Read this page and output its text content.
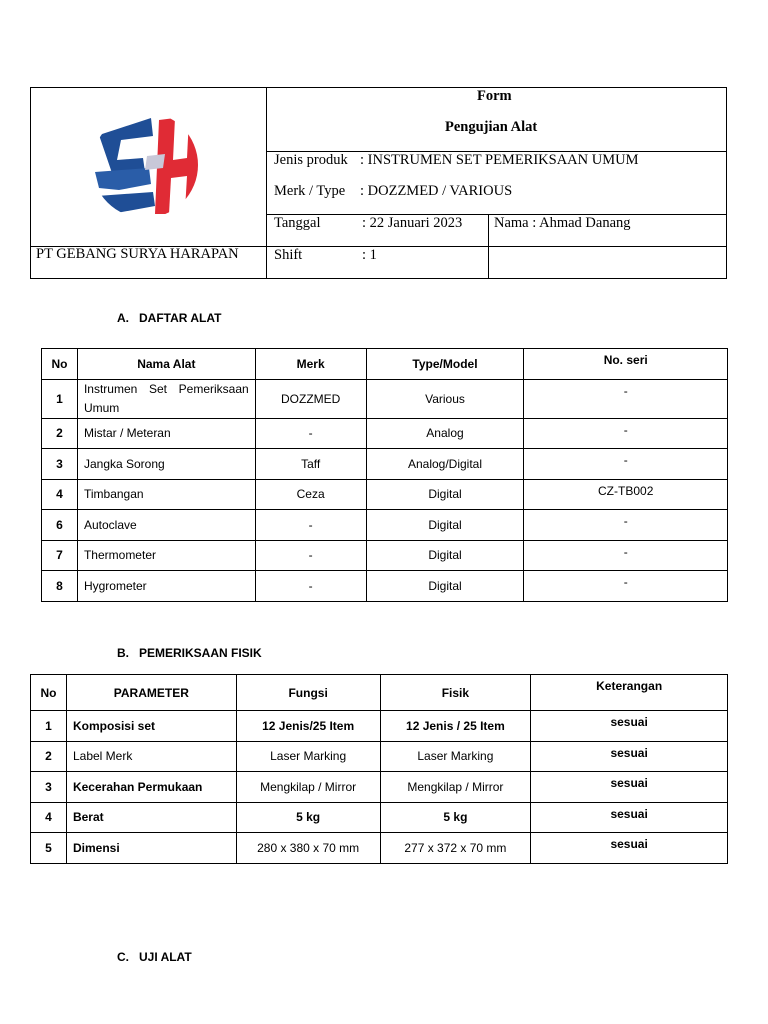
PT GEBANG SURYA HARAPAN
Form
Pengujian Alat
Jenis produk : INSTRUMEN SET PEMERIKSAAN UMUM
Merk / Type : DOZZMED / VARIOUS
Tanggal	: 22 Januari 2023 Nama : Ahmad Danang
Shift	: 1
A.   DAFTAR ALAT
No	Nama Alat	Merk	Type/Model	No. seri
1	Instrumen Set Pemeriksaan Umum	DOZZMED	Various	-
2	Mistar / Meteran	-	Analog	-
3	Jangka Sorong	Taff	Analog/Digital	-
4	Timbangan	Ceza	Digital	CZ-TB002
6	Autoclave	-	Digital	-
7	Thermometer	-	Digital	-
8	Hygrometer	-	Digital	-
B.   PEMERIKSAAN FISIK
No	PARAMETER	Fungsi	Fisik	Keterangan
1	Komposisi set	12 Jenis/25 Item	12 Jenis / 25 Item	sesuai
2	Label Merk	Laser Marking	Laser Marking	sesuai
3	Kecerahan Permukaan	Mengkilap / Mirror	Mengkilap / Mirror	sesuai
4	Berat	5 kg	5 kg	sesuai
5	Dimensi	280 x 380 x 70 mm	277 x 372 x 70 mm	sesuai
C.   UJI ALAT
